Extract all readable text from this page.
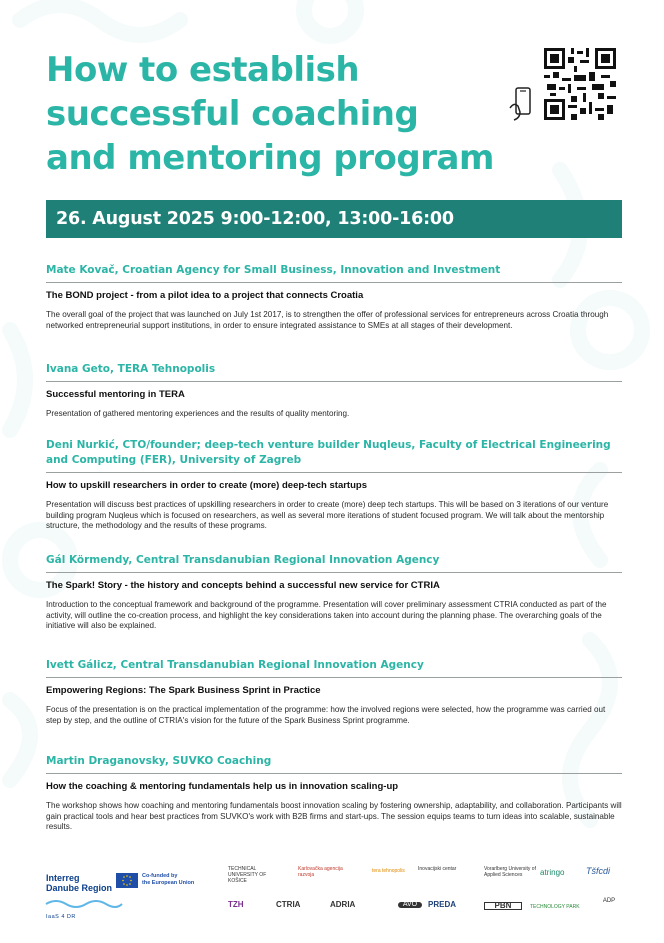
How to establish
successful coaching
and mentoring program
26. August 2025 9:00-12:00, 13:00-16:00

Mate Kovač, Croatian Agency for Small Business, Innovation and Investment

The BOND project - from a pilot idea to a project that connects Croatia

The overall goal of the project that was launched on July 1st 2017, is to strengthen the offer of professional services for entrepreneurs across Croatia through networked entrepreneurial support institutions, in order to ensure integrated assistance to SMEs at all stages of their development.

Ivana Geto, TERA Tehnopolis

Successful mentoring in TERA

Presentation of gathered mentoring experiences and the results of quality mentoring.

Deni Nurkić, CTO/founder; deep-tech venture builder Nuqleus, Faculty of Electrical Engineering and Computing (FER), University of Zagreb

How to upskill researchers in order to create (more) deep-tech startups

Presentation will discuss best practices of upskilling researchers in order to create (more) deep tech startups. This will be based on 3 iterations of our venture building program Nuqleus which is focused on researchers, as well as several more iterations of student focused program. We will talk about the mentorship structure, the methodology and the results of these programs.

Gál Körmendy, Central Transdanubian Regional Innovation Agency

The Spark! Story - the history and concepts behind a successful new service for CTRIA

Introduction to the conceptual framework and background of the programme. Presentation will cover preliminary assessment CTRIA conducted as part of the activity, will outline the co-creation process, and highlight the key considerations taken into account during the planning phase. The overarching goals of the initiative will also be explained.

Ivett Gálicz, Central Transdanubian Regional Innovation Agency

Empowering Regions: The Spark Business Sprint in Practice

Focus of the presentation is on the practical implementation of the programme: how the involved regions were selected, how the programme was carried out step by step, and the outline of CTRIA's vision for the future of the Spark Business Sprint programme.

Martin Draganovsky, SUVKO Coaching

How the coaching & mentoring fundamentals help us in innovation scaling-up

The workshop shows how coaching and mentoring fundamentals boost innovation scaling by fostering ownership, adaptability, and collaboration. Participants will gain practical tools and hear best practices from SUVKO's work with B2B firms and start-ups. The session equips teams to turn ideas into scalable, sustainable results.

Interreg
Danube Region
IaaS 4 DR
Co-funded by
the European Union
TECHNICAL UNIVERSITY OF KOŠICE
Karlovačka agencija razvoja
tera tehnopolis	Inovacijski centar	Vorarlberg University of Applied Sciences	atringo	Tšfcdi
TZH	CTRIA	ADRIA	AVO	PREDA	PBN	TECHNOLOGY PARK
ADP
